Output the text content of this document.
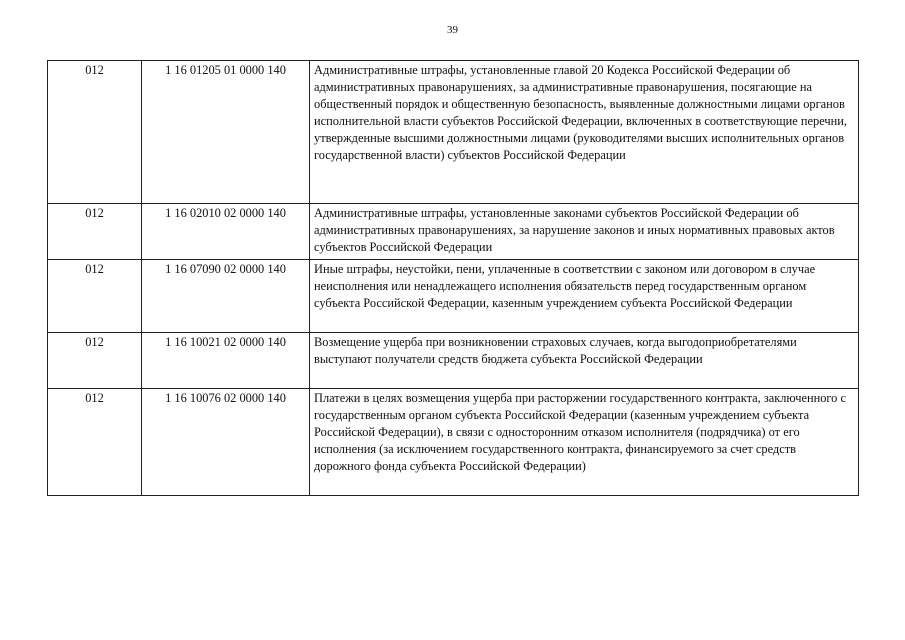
39
012	1 16 01205 01 0000 140	Административные штрафы, установленные главой 20 Кодекса Российской Федерации об административных правонарушениях, за административные правонарушения, посягающие на общественный порядок и общественную безопасность, выявленные должностными лицами органов исполнительной власти субъектов Российской Федерации, включенных в соответствующие перечни, утвержденные высшими должностными лицами (руководителями высших исполнительных органов государственной власти) субъектов Российской Федерации
012	1 16 02010 02 0000 140	Административные штрафы, установленные законами субъектов Российской Федерации об административных правонарушениях, за нарушение законов и иных нормативных правовых актов субъектов Российской Федерации
012	1 16 07090 02 0000 140	Иные штрафы, неустойки, пени, уплаченные в соответствии с законом или договором в случае неисполнения или ненадлежащего исполнения обязательств перед государственным органом субъекта Российской Федерации, казенным учреждением субъекта Российской Федерации
012	1 16 10021 02 0000 140	Возмещение ущерба при возникновении страховых случаев, когда выгодоприобретателями выступают получатели средств бюджета субъекта Российской Федерации
012	1 16 10076 02 0000 140	Платежи в целях возмещения ущерба при расторжении государственного контракта, заключенного с государственным органом субъекта Российской Федерации (казенным учреждением субъекта Российской Федерации), в связи с односторонним отказом исполнителя (подрядчика) от его исполнения (за исключением государственного контракта, финансируемого за счет средств дорожного фонда субъекта Российской Федерации)
